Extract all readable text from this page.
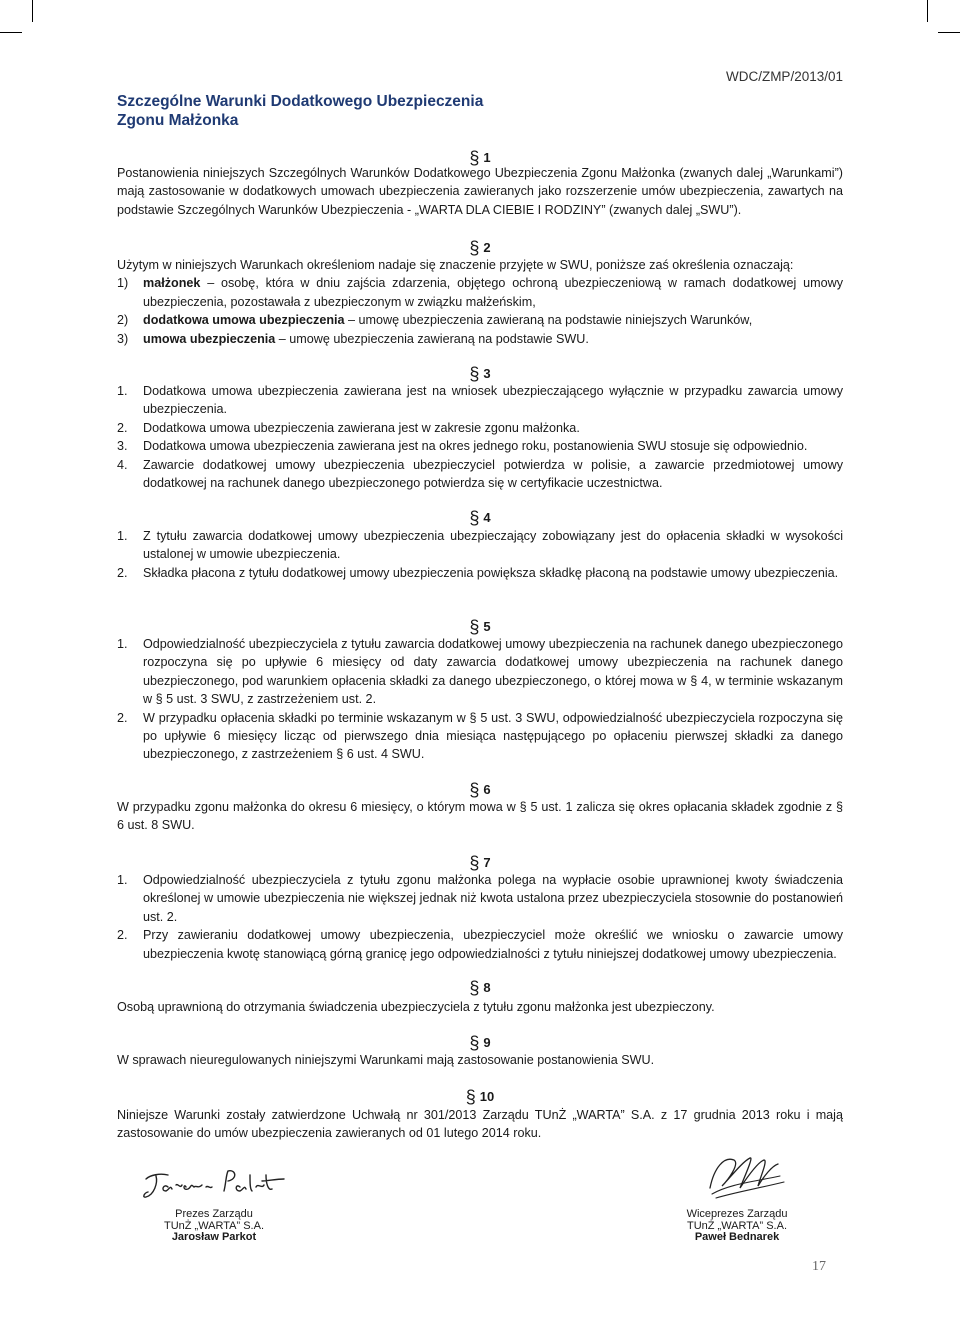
WDC/ZMP/2013/01
Szczególne Warunki Dodatkowego Ubezpieczenia
Zgonu Małżonka
§ 1
Postanowienia niniejszych Szczególnych Warunków Dodatkowego Ubezpieczenia Zgonu Małżonka (zwanych dalej „Warunkami”) mają zastosowanie w dodatkowych umowach ubezpieczenia zawieranych jako rozszerzenie umów ubezpieczenia, zawartych na podstawie Szczególnych Warunków Ubezpieczenia - „WARTA DLA CIEBIE I RODZINY” (zwanych dalej „SWU”).
§ 2
Użytym w niniejszych Warunkach określeniom nadaje się znaczenie przyjęte w SWU, poniższe zaś określenia oznaczają:
1)	małżonek – osobę, która w dniu zajścia zdarzenia, objętego ochroną ubezpieczeniową w ramach dodatkowej umowy ubezpieczenia, pozostawała z ubezpieczonym w związku małżeńskim,
2)	dodatkowa umowa ubezpieczenia – umowę ubezpieczenia zawieraną na podstawie niniejszych Warunków,
3)	umowa ubezpieczenia – umowę ubezpieczenia zawieraną na podstawie SWU.
§ 3
1.	Dodatkowa umowa ubezpieczenia zawierana jest na wniosek ubezpieczającego wyłącznie w przypadku zawarcia umowy ubezpieczenia.
2.	Dodatkowa umowa ubezpieczenia zawierana jest w zakresie zgonu małżonka.
3.	Dodatkowa umowa ubezpieczenia zawierana jest na okres jednego roku, postanowienia SWU stosuje się odpowiednio.
4.	Zawarcie dodatkowej umowy ubezpieczenia ubezpieczyciel potwierdza w polisie, a zawarcie przedmiotowej umowy dodatkowej na rachunek danego ubezpieczonego potwierdza się w certyfikacie uczestnictwa.
§ 4
1.	Z tytułu zawarcia dodatkowej umowy ubezpieczenia ubezpieczający zobowiązany jest do opłacenia składki w wysokości ustalonej w umowie ubezpieczenia.
2.	Składka płacona z tytułu dodatkowej umowy ubezpieczenia powiększa składkę płaconą na podstawie umowy ubezpieczenia.
§ 5
1.	Odpowiedzialność ubezpieczyciela z tytułu zawarcia dodatkowej umowy ubezpieczenia na rachunek danego ubezpieczonego rozpoczyna się po upływie 6 miesięcy od daty zawarcia dodatkowej umowy ubezpieczenia na rachunek danego ubezpieczonego, pod warunkiem opłacenia składki za danego ubezpieczonego, o której mowa w § 4, w terminie wskazanym w § 5 ust. 3 SWU, z zastrzeżeniem ust. 2.
2.	W przypadku opłacenia składki po terminie wskazanym w § 5 ust. 3 SWU, odpowiedzialność ubezpieczyciela rozpoczyna się po upływie 6 miesięcy licząc od pierwszego dnia miesiąca następującego po opłaceniu pierwszej składki za danego ubezpieczonego, z zastrzeżeniem § 6 ust. 4 SWU.
§ 6
W przypadku zgonu małżonka do okresu 6 miesięcy, o którym mowa w § 5 ust. 1 zalicza się okres opłacania składek zgodnie z § 6 ust. 8 SWU.
§ 7
1.	Odpowiedzialność ubezpieczyciela z tytułu zgonu małżonka polega na wypłacie osobie uprawnionej kwoty świadczenia określonej w umowie ubezpieczenia nie większej jednak niż kwota ustalona przez ubezpieczyciela stosownie do postanowień ust. 2.
2.	Przy zawieraniu dodatkowej umowy ubezpieczenia, ubezpieczyciel może określić we wniosku o zawarcie umowy ubezpieczenia kwotę stanowiącą górną granicę jego odpowiedzialności z tytułu niniejszej dodatkowej umowy ubezpieczenia.
§ 8
Osobą uprawnioną do otrzymania świadczenia ubezpieczyciela z tytułu zgonu małżonka jest ubezpieczony.
§ 9
W sprawach nieuregulowanych niniejszymi Warunkami mają zastosowanie postanowienia SWU.
§ 10
Niniejsze Warunki zostały zatwierdzone Uchwałą nr 301/2013 Zarządu TUnŻ „WARTA” S.A. z 17 grudnia 2013 roku i mają zastosowanie do umów ubezpieczenia zawieranych od 01 lutego 2014 roku.
Prezes Zarządu
TUnŻ „WARTA” S.A.
Jarosław Parkot
Wiceprezes Zarządu
TUnŻ „WARTA” S.A.
Paweł Bednarek
17
